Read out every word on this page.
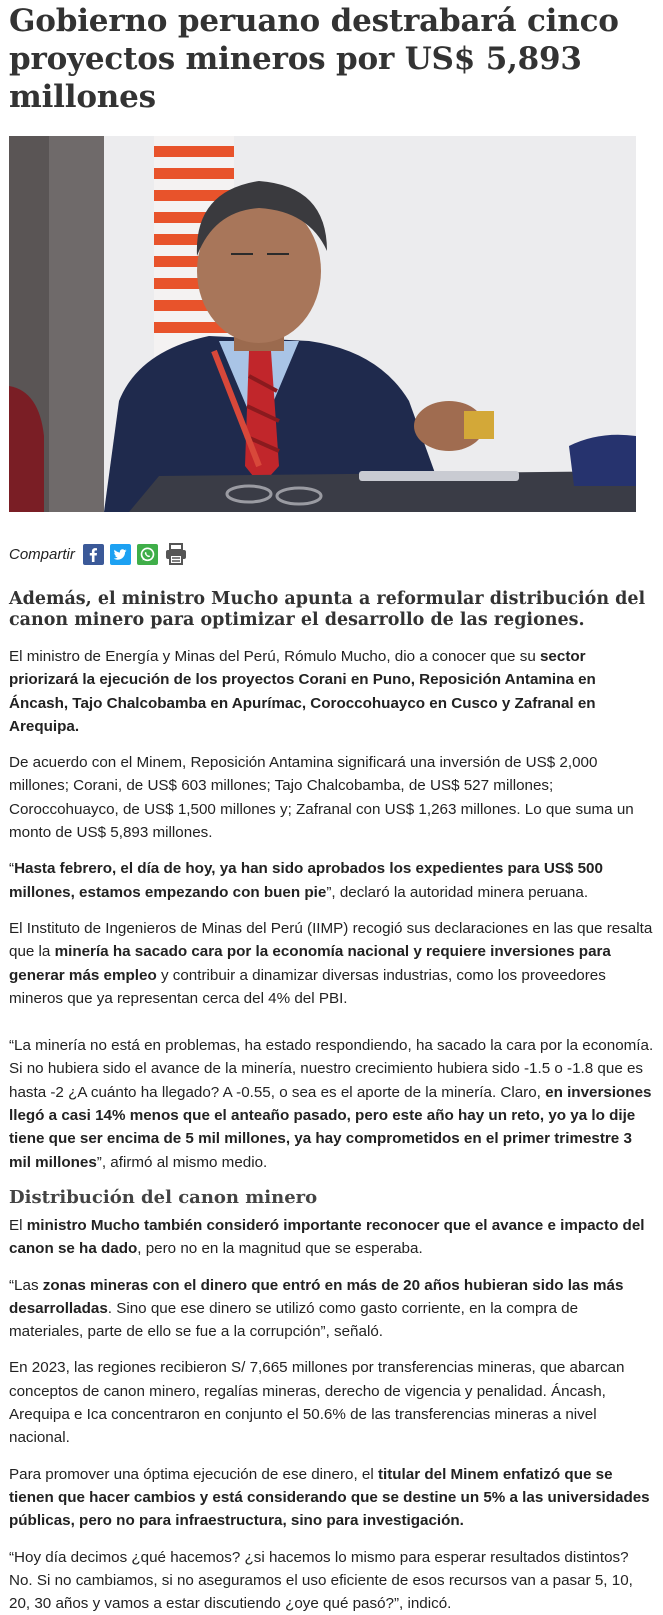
Gobierno peruano destrabará cinco proyectos mineros por US$ 5,893 millones
Compartir
Además, el ministro Mucho apunta a reformular distribución del canon minero para optimizar el desarrollo de las regiones.

El ministro de Energía y Minas del Perú, Rómulo Mucho, dio a conocer que su sector priorizará la ejecución de los proyectos Corani en Puno, Reposición Antamina en Áncash, Tajo Chalcobamba en Apurímac, Coroccohuayco en Cusco y Zafranal en Arequipa.

De acuerdo con el Minem, Reposición Antamina significará una inversión de US$ 2,000 millones; Corani, de US$ 603 millones; Tajo Chalcobamba, de US$ 527 millones; Coroccohuayco, de US$ 1,500 millones y; Zafranal con US$ 1,263 millones. Lo que suma un monto de US$ 5,893 millones.

“Hasta febrero, el día de hoy, ya han sido aprobados los expedientes para US$ 500 millones, estamos empezando con buen pie”, declaró la autoridad minera peruana.

El Instituto de Ingenieros de Minas del Perú (IIMP) recogió sus declaraciones en las que resalta que la minería ha sacado cara por la economía nacional y requiere inversiones para generar más empleo y contribuir a dinamizar diversas industrias, como los proveedores mineros que ya representan cerca del 4% del PBI.

“La minería no está en problemas, ha estado respondiendo, ha sacado la cara por la economía. Si no hubiera sido el avance de la minería, nuestro crecimiento hubiera sido -1.5 o -1.8 que es hasta -2 ¿A cuánto ha llegado? A -0.55, o sea es el aporte de la minería. Claro, en inversiones llegó a casi 14% menos que el anteaño pasado, pero este año hay un reto, yo ya lo dije tiene que ser encima de 5 mil millones, ya hay comprometidos en el primer trimestre 3 mil millones”, afirmó al mismo medio.

Distribución del canon minero

El ministro Mucho también consideró importante reconocer que el avance e impacto del canon se ha dado, pero no en la magnitud que se esperaba.

“Las zonas mineras con el dinero que entró en más de 20 años hubieran sido las más desarrolladas. Sino que ese dinero se utilizó como gasto corriente, en la compra de materiales, parte de ello se fue a la corrupción”, señaló.

En 2023, las regiones recibieron S/ 7,665 millones por transferencias mineras, que abarcan conceptos de canon minero, regalías mineras, derecho de vigencia y penalidad. Áncash, Arequipa e Ica concentraron en conjunto el 50.6% de las transferencias mineras a nivel nacional.

Para promover una óptima ejecución de ese dinero, el titular del Minem enfatizó que se tienen que hacer cambios y está considerando que se destine un 5% a las universidades públicas, pero no para infraestructura, sino para investigación.

“Hoy día decimos ¿qué hacemos? ¿si hacemos lo mismo para esperar resultados distintos? No. Si no cambiamos, si no aseguramos el uso eficiente de esos recursos van a pasar 5, 10, 20, 30 años y vamos a estar discutiendo ¿oye qué pasó?”, indicó.
